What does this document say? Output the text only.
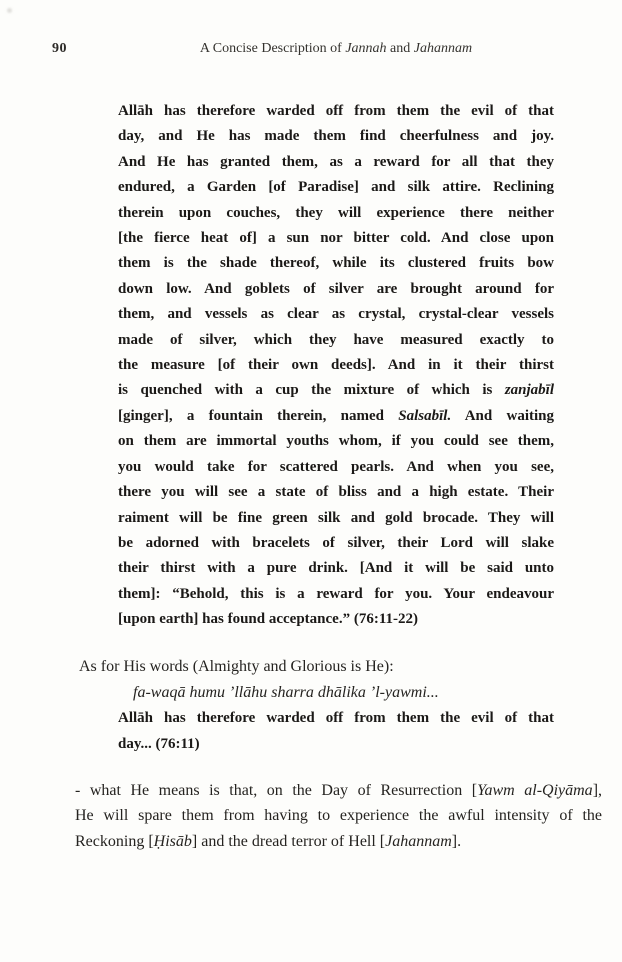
90	A Concise Description of Jannah and Jahannam
Allāh has therefore warded off from them the evil of that
day, and He has made them find cheerfulness and joy.
And He has granted them, as a reward for all that they
endured, a Garden [of Paradise] and silk attire. Reclining
therein upon couches, they will experience there neither
[the fierce heat of] a sun nor bitter cold. And close upon
them is the shade thereof, while its clustered fruits bow
down low. And goblets of silver are brought around for
them, and vessels as clear as crystal, crystal-clear vessels
made of silver, which they have measured exactly to
the measure [of their own deeds]. And in it their thirst
is quenched with a cup the mixture of which is zanjabīl
[ginger], a fountain therein, named Salsabīl. And waiting
on them are immortal youths whom, if you could see them,
you would take for scattered pearls. And when you see,
there you will see a state of bliss and a high estate. Their
raiment will be fine green silk and gold brocade. They will
be adorned with bracelets of silver, their Lord will slake
their thirst with a pure drink. [And it will be said unto
them]: “Behold, this is a reward for you. Your endeavour
[upon earth] has found acceptance.” (76:11-22)
As for His words (Almighty and Glorious is He):
fa-waqā humu ’llāhu sharra dhālika ’l-yawmi...
Allāh has therefore warded off from them the evil of that
day... (76:11)
- what He means is that, on the Day of Resurrection [Yawm al-Qiyāma],
He will spare them from having to experience the awful intensity of the
Reckoning [Ḥisāb] and the dread terror of Hell [Jahannam].
